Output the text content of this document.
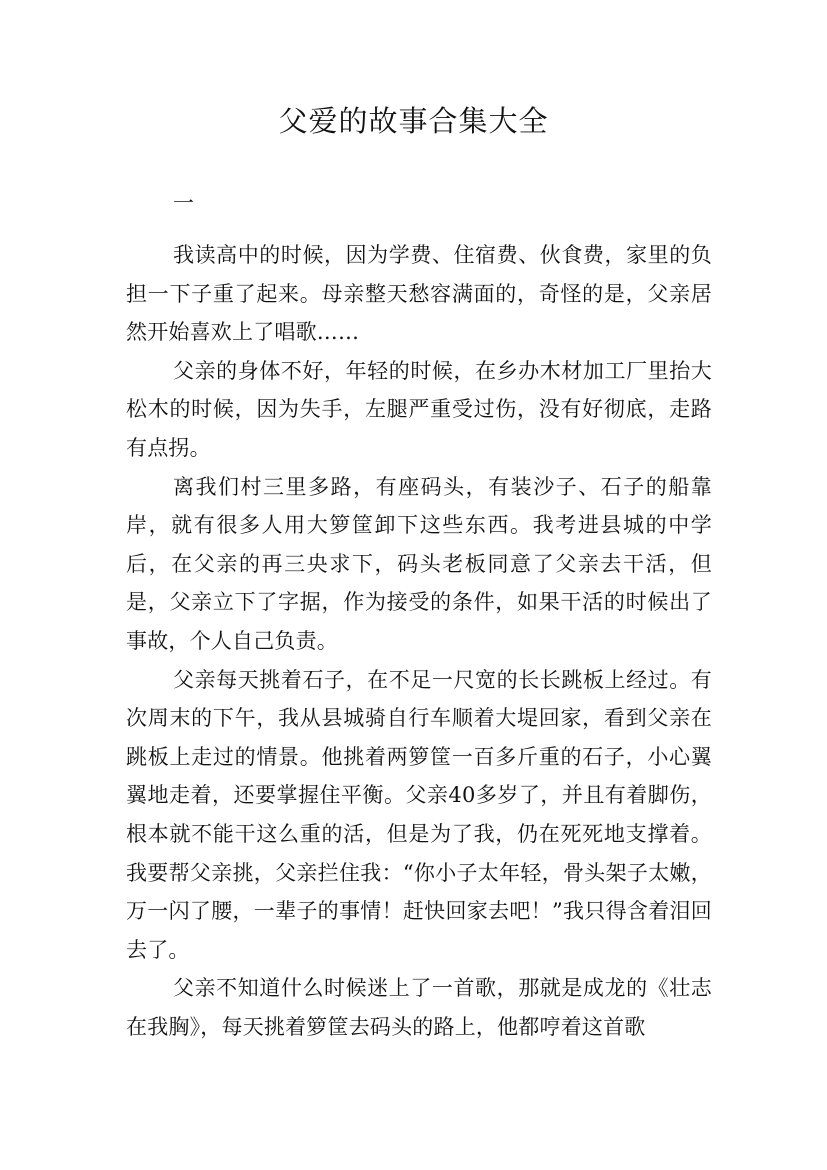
父爱的故事合集大全

一

我读高中的时候，因为学费、住宿费、伙食费，家里的负担一下子重了起来。母亲整天愁容满面的，奇怪的是，父亲居然开始喜欢上了唱歌……

父亲的身体不好，年轻的时候，在乡办木材加工厂里抬大松木的时候，因为失手，左腿严重受过伤，没有好彻底，走路有点拐。

离我们村三里多路，有座码头，有装沙子、石子的船靠岸，就有很多人用大箩筐卸下这些东西。我考进县城的中学后，在父亲的再三央求下，码头老板同意了父亲去干活，但是，父亲立下了字据，作为接受的条件，如果干活的时候出了事故，个人自己负责。

父亲每天挑着石子，在不足一尺宽的长长跳板上经过。有次周末的下午，我从县城骑自行车顺着大堤回家，看到父亲在跳板上走过的情景。他挑着两箩筐一百多斤重的石子，小心翼翼地走着，还要掌握住平衡。父亲40多岁了，并且有着脚伤，根本就不能干这么重的活，但是为了我，仍在死死地支撑着。我要帮父亲挑，父亲拦住我：“你小子太年轻，骨头架子太嫩，万一闪了腰，一辈子的事情！赶快回家去吧！”我只得含着泪回去了。

父亲不知道什么时候迷上了一首歌，那就是成龙的《壮志在我胸》，每天挑着箩筐去码头的路上，他都哼着这首歌
